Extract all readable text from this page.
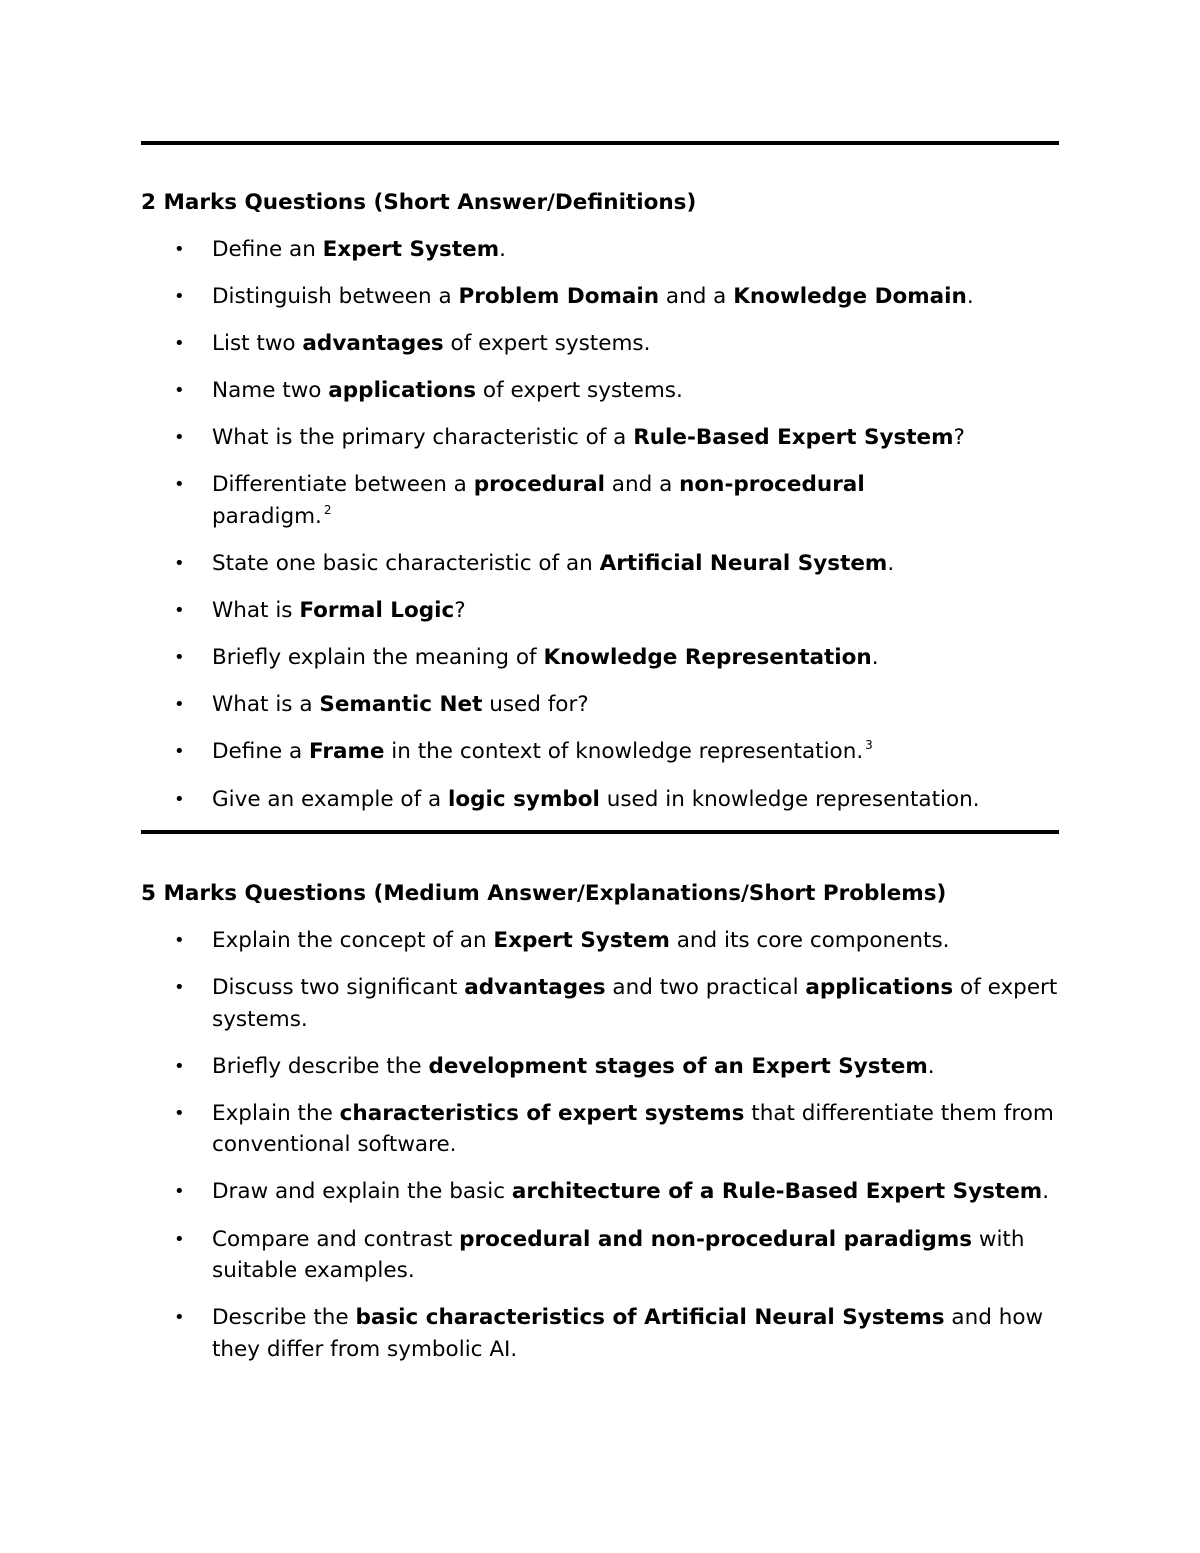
2 Marks Questions (Short Answer/Definitions)
• Define an Expert System.
• Distinguish between a Problem Domain and a Knowledge Domain.
• List two advantages of expert systems.
• Name two applications of expert systems.
• What is the primary characteristic of a Rule-Based Expert System?
• Differentiate between a procedural and a non-procedural
paradigm. $^2$
• State one basic characteristic of an Artificial Neural System.
• What is Formal Logic?
• Briefly explain the meaning of Knowledge Representation.
• What is a Semantic Net used for?
• Define a Frame in the context of knowledge representation. $^3$
• Give an example of a logic symbol used in knowledge representation.
5 Marks Questions (Medium Answer/Explanations/Short Problems)
• Explain the concept of an Expert System and its core components.
• Discuss two significant advantages and two practical applications of expert systems.
• Briefly describe the development stages of an Expert System.
• Explain the characteristics of expert systems that differentiate them from conventional software.
• Draw and explain the basic architecture of a Rule-Based Expert System.
• Compare and contrast procedural and non-procedural paradigms with suitable examples.
• Describe the basic characteristics of Artificial Neural Systems and how they differ from symbolic AI.
